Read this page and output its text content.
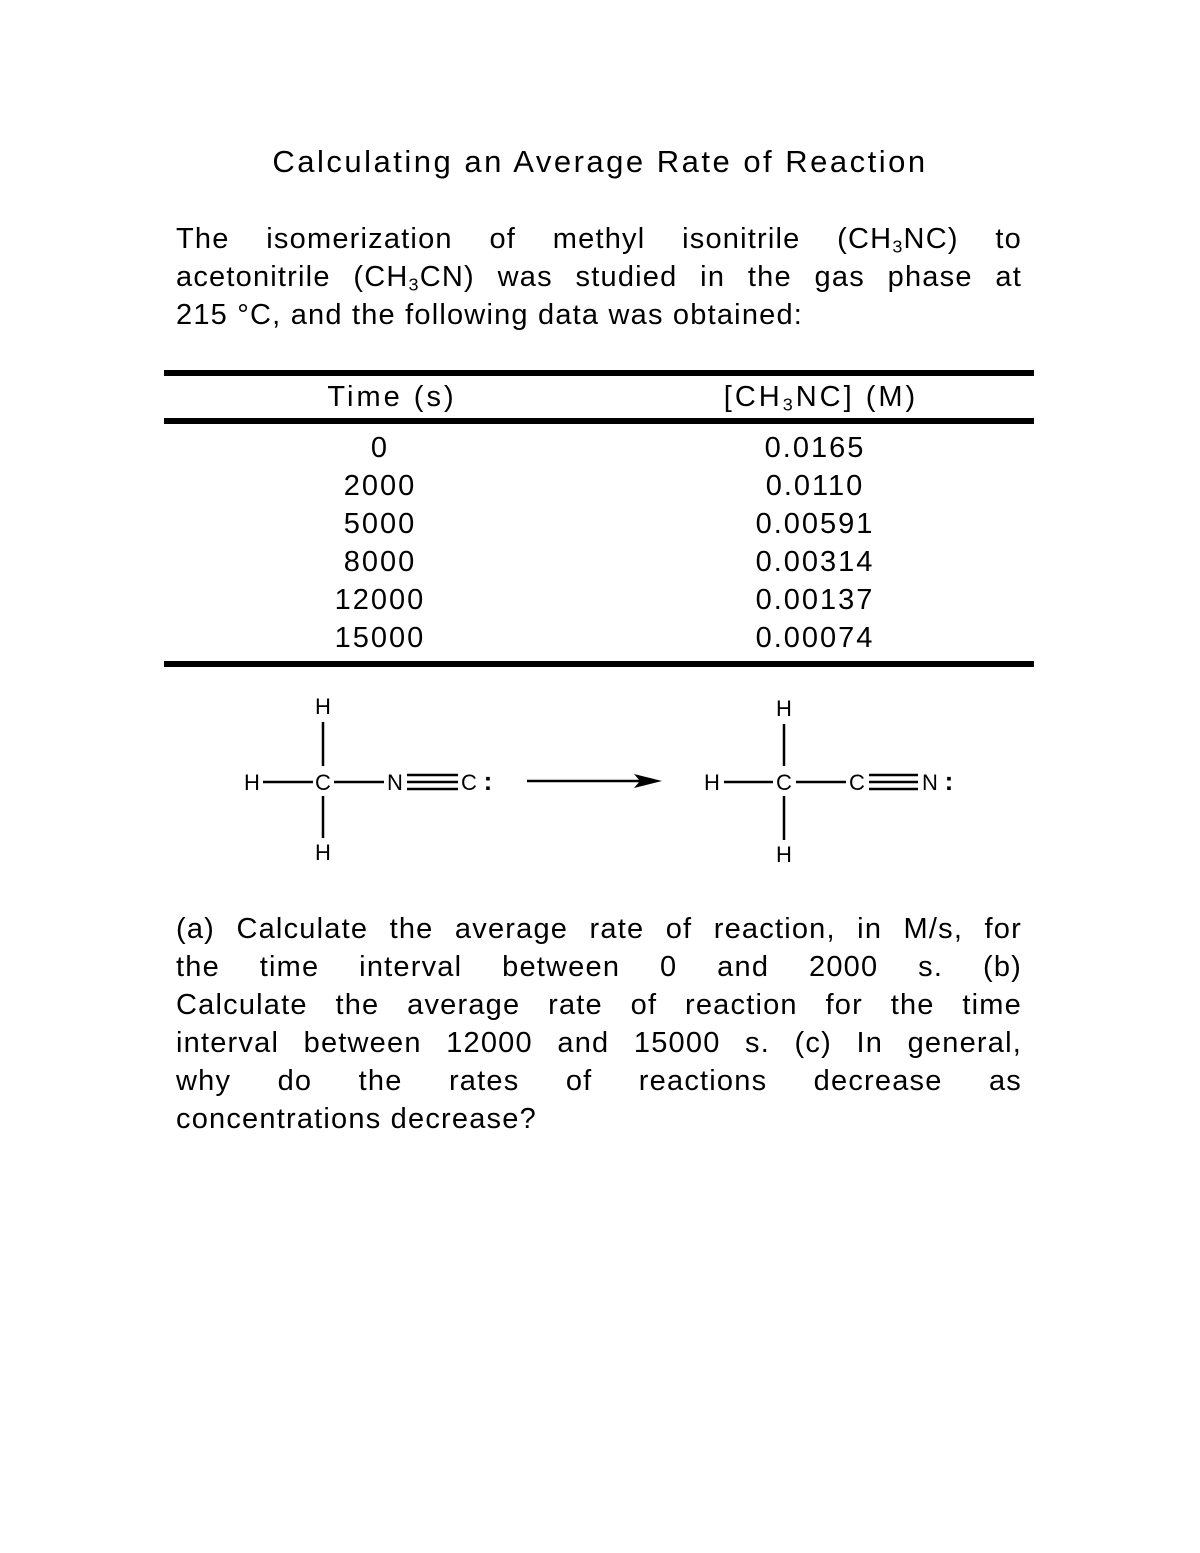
Calculating an Average Rate of Reaction
The isomerization of methyl isonitrile $(CH_3NC)$ to
acetonitrile $(CH_3CN)$ was studied in the gas phase at
215 °C, and the following data was obtained:
Time (s)	$[CH_3NC]$ (M)
0	0.0165
2000	0.0110
5000	0.00591
8000	0.00314
12000	0.00137
15000	0.00074
H
H	C	N	C :
H
H
H	C	C	N :
H
(a) Calculate the average rate of reaction, in M/s, for
the time interval between 0 and 2000 s. (b)
Calculate the average rate of reaction for the time
interval between 12000 and 15000 s. (c) In general,
why do the rates of reactions decrease as
concentrations decrease?
